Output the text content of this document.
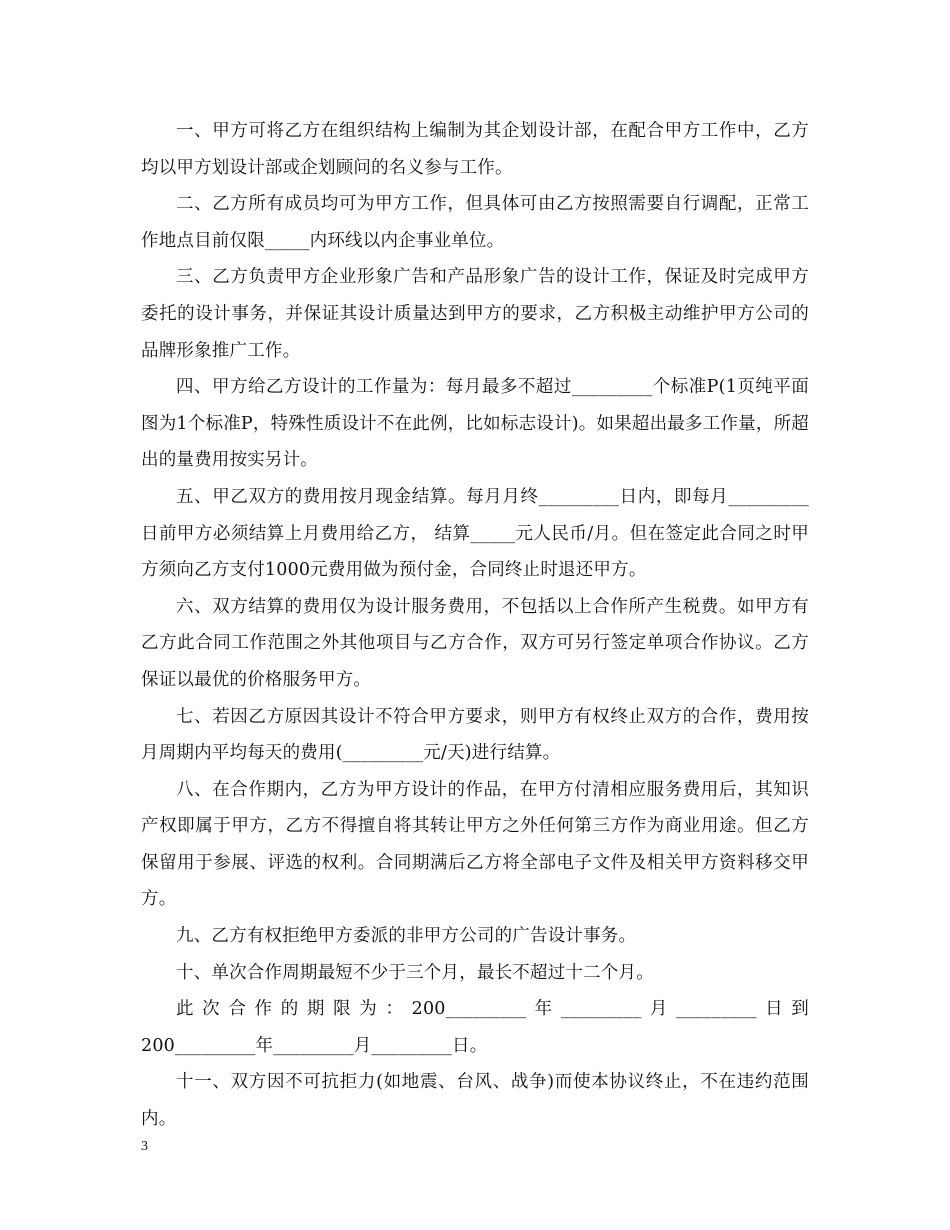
一、甲方可将乙方在组织结构上编制为其企划设计部，在配合甲方工作中，乙方均以甲方划设计部或企划顾问的名义参与工作。

二、乙方所有成员均可为甲方工作，但具体可由乙方按照需要自行调配，正常工作地点目前仅限_____内环线以内企事业单位。

三、乙方负责甲方企业形象广告和产品形象广告的设计工作，保证及时完成甲方委托的设计事务，并保证其设计质量达到甲方的要求，乙方积极主动维护甲方公司的品牌形象推广工作。

四、甲方给乙方设计的工作量为：每月最多不超过_________个标准P(1页纯平面图为1个标准P，特殊性质设计不在此例，比如标志设计)。如果超出最多工作量，所超出的量费用按实另计。

五、甲乙双方的费用按月现金结算。每月月终_________日内，即每月_________日前甲方必须结算上月费用给乙方， 结算_____元人民币/月。但在签定此合同之时甲方须向乙方支付1000元费用做为预付金，合同终止时退还甲方。

六、双方结算的费用仅为设计服务费用，不包括以上合作所产生税费。如甲方有乙方此合同工作范围之外其他项目与乙方合作，双方可另行签定单项合作协议。乙方保证以最优的价格服务甲方。

七、若因乙方原因其设计不符合甲方要求，则甲方有权终止双方的合作，费用按月周期内平均每天的费用(_________元/天)进行结算。

八、在合作期内，乙方为甲方设计的作品，在甲方付清相应服务费用后，其知识产权即属于甲方，乙方不得擅自将其转让甲方之外任何第三方作为商业用途。但乙方保留用于参展、评选的权利。合同期满后乙方将全部电子文件及相关甲方资料移交甲方。

九、乙方有权拒绝甲方委派的非甲方公司的广告设计事务。

十、单次合作周期最短不少于三个月，最长不超过十二个月。

此次合作的期限为：200_________年_________月_________日到

200_________年_________月_________日。

十一、双方因不可抗拒力(如地震、台风、战争)而使本协议终止，不在违约范围内。

3
